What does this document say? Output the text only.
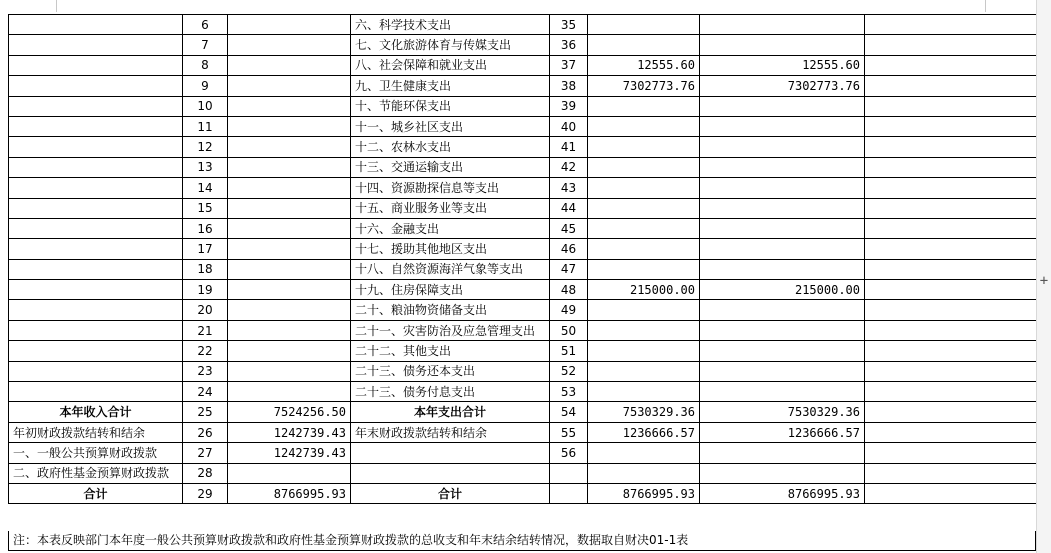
	6		六、科学技术支出	35			
	7		七、文化旅游体育与传媒支出	36			
	8		八、社会保障和就业支出	37	12555.60	12555.60	
	9		九、卫生健康支出	38	7302773.76	7302773.76	
	10		十、节能环保支出	39			
	11		十一、城乡社区支出	40			
	12		十二、农林水支出	41			
	13		十三、交通运输支出	42			
	14		十四、资源勘探信息等支出	43			
	15		十五、商业服务业等支出	44			
	16		十六、金融支出	45			
	17		十七、援助其他地区支出	46			
	18		十八、自然资源海洋气象等支出	47			
	19		十九、住房保障支出	48	215000.00	215000.00	
	20		二十、粮油物资储备支出	49			
	21		二十一、灾害防治及应急管理支出	50			
	22		二十二、其他支出	51			
	23		二十三、债务还本支出	52			
	24		二十三、债务付息支出	53			
本年收入合计	25	7524256.50	本年支出合计	54	7530329.36	7530329.36	
年初财政拨款结转和结余	26	1242739.43	年末财政拨款结转和结余	55	1236666.57	1236666.57	
一、一般公共预算财政拨款	27	1242739.43		56			
二、政府性基金预算财政拨款	28						
合计	29	8766995.93	合计		8766995.93	8766995.93	
注：本表反映部门本年度一般公共预算财政拨款和政府性基金预算财政拨款的总收支和年末结余结转情况，数据取自财决01-1表
+
